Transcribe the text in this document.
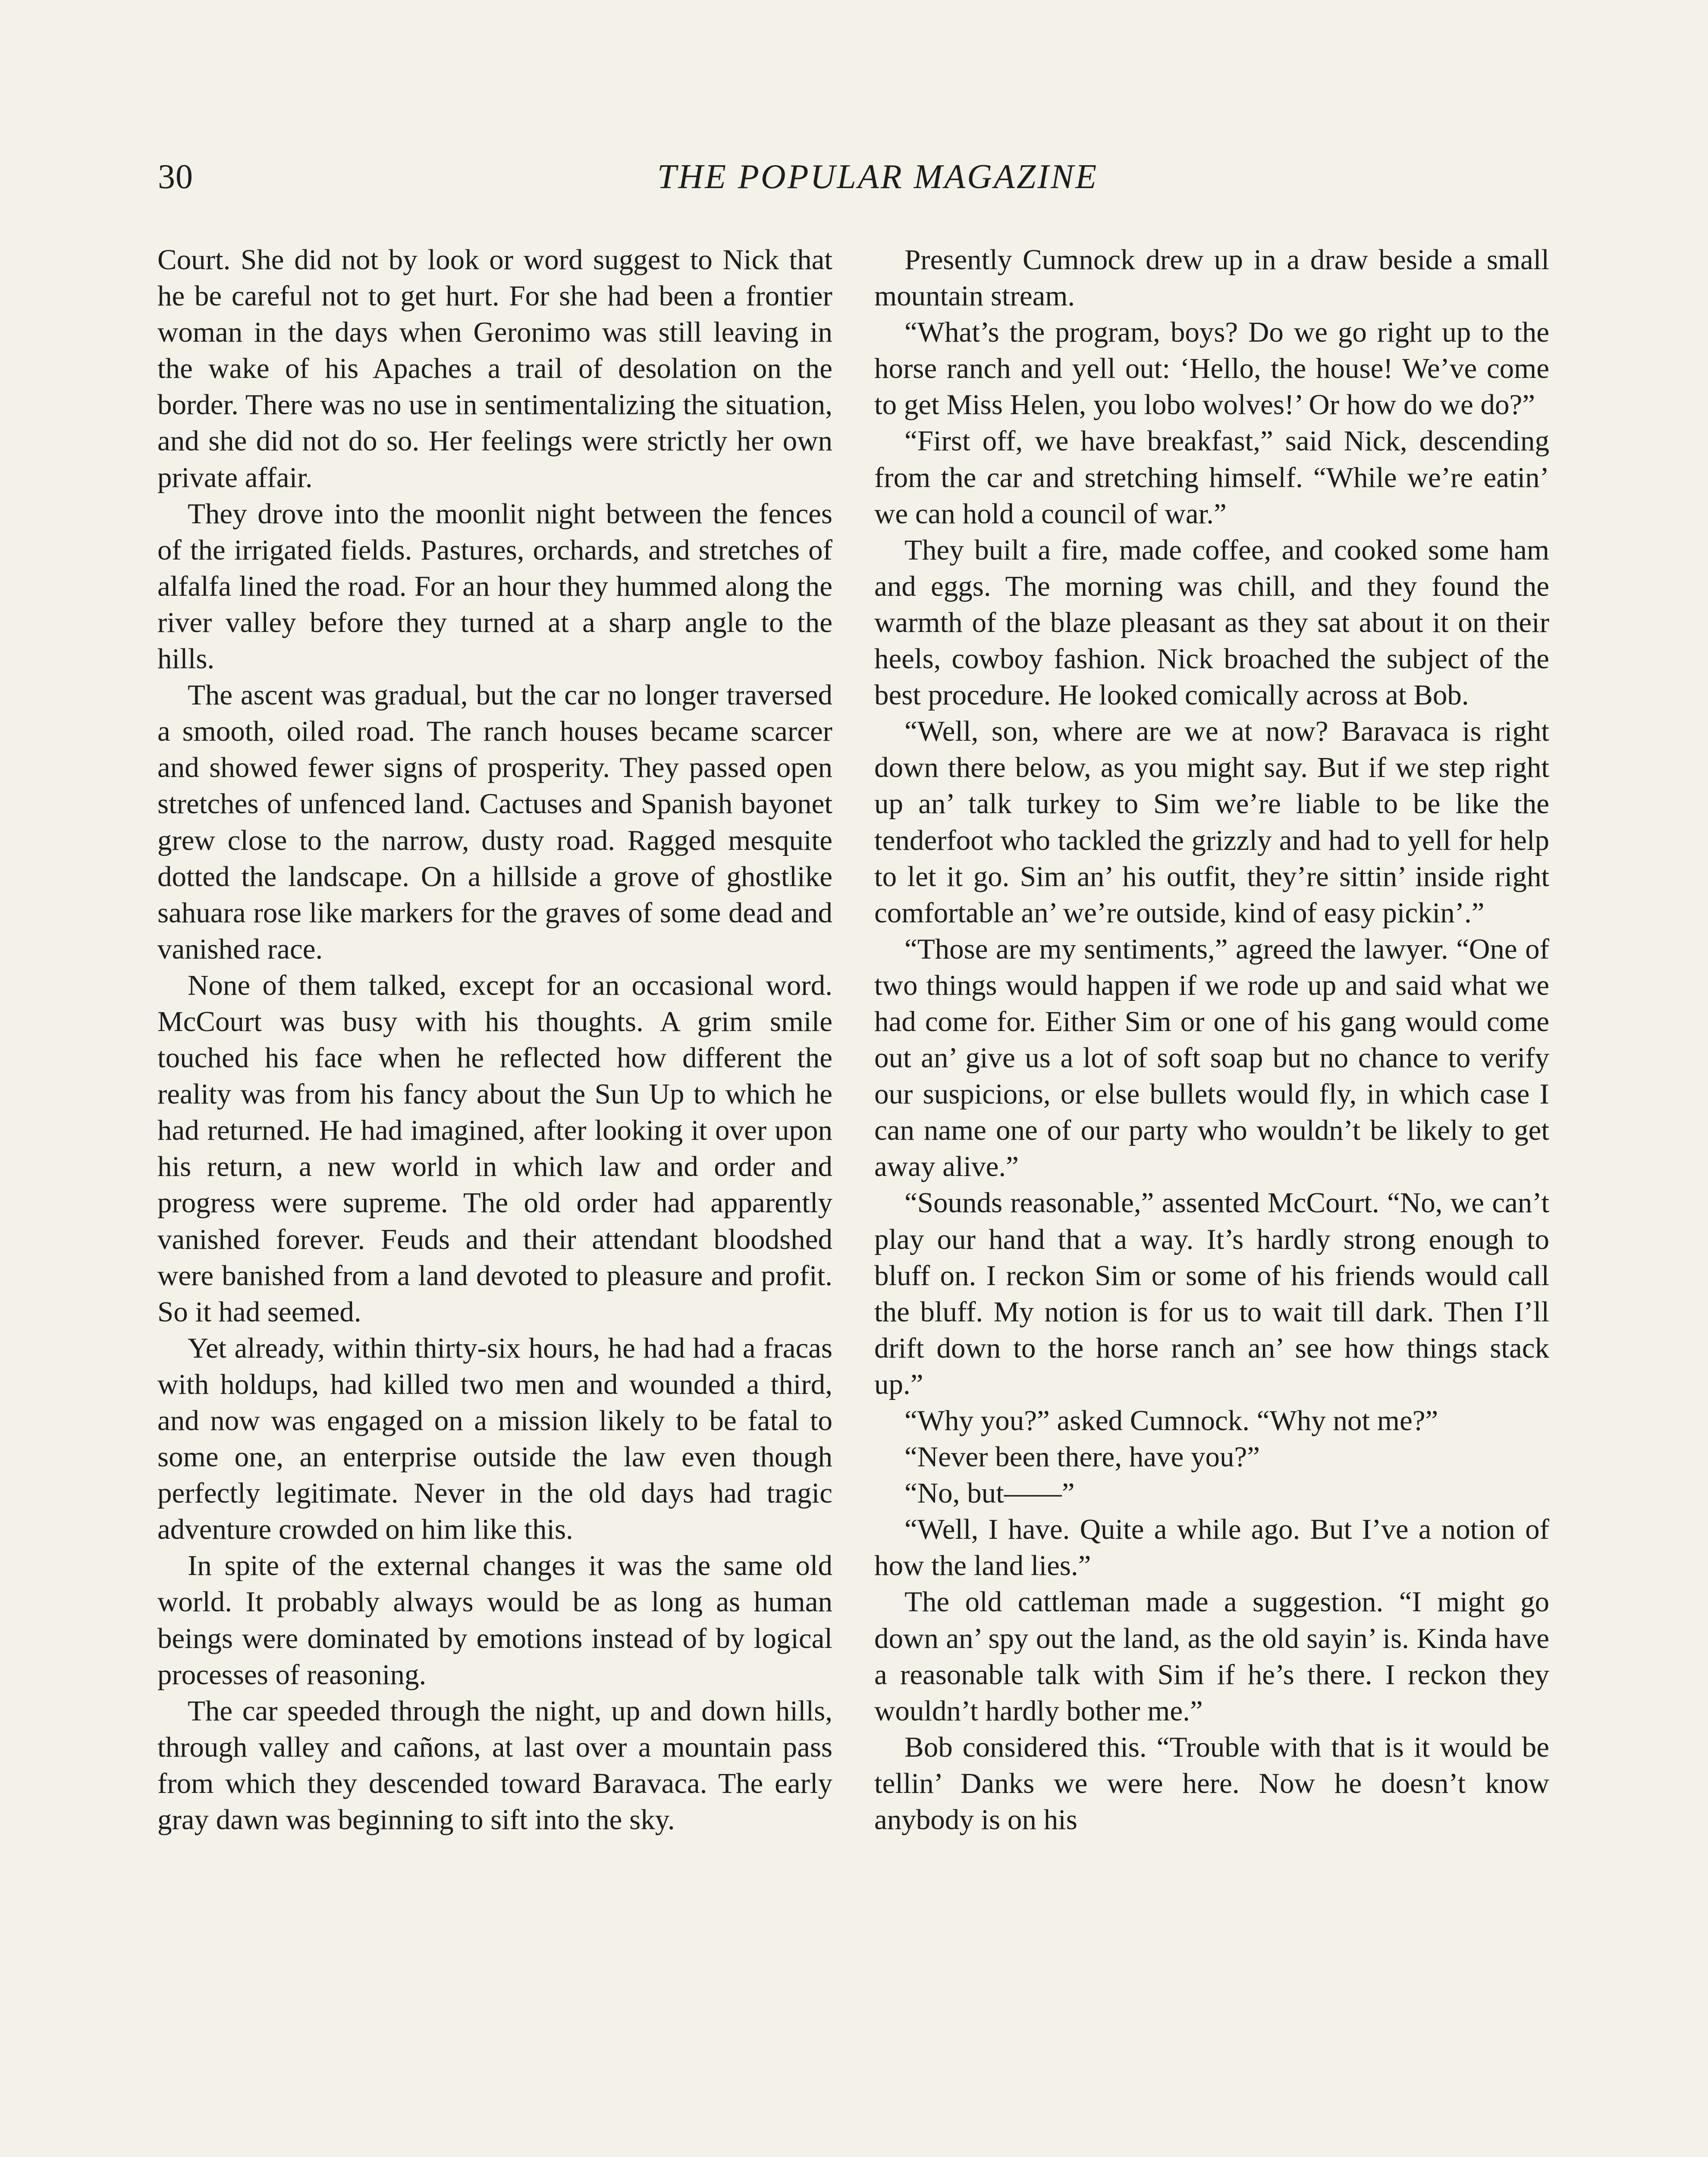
30	THE POPULAR MAGAZINE

Court. She did not by look or word suggest to Nick that he be careful not to get hurt. For she had been a frontier woman in the days when Geronimo was still leaving in the wake of his Apaches a trail of desolation on the border. There was no use in sentimentalizing the situation, and she did not do so. Her feelings were strictly her own private affair.

They drove into the moonlit night between the fences of the irrigated fields. Pastures, orchards, and stretches of alfalfa lined the road. For an hour they hummed along the river valley before they turned at a sharp angle to the hills.

The ascent was gradual, but the car no longer traversed a smooth, oiled road. The ranch houses became scarcer and showed fewer signs of prosperity. They passed open stretches of unfenced land. Cactuses and Spanish bayonet grew close to the narrow, dusty road. Ragged mesquite dotted the landscape. On a hillside a grove of ghostlike sahuara rose like markers for the graves of some dead and vanished race.

None of them talked, except for an occasional word. McCourt was busy with his thoughts. A grim smile touched his face when he reflected how different the reality was from his fancy about the Sun Up to which he had returned. He had imagined, after looking it over upon his return, a new world in which law and order and progress were supreme. The old order had apparently vanished forever. Feuds and their attendant bloodshed were banished from a land devoted to pleasure and profit. So it had seemed.

Yet already, within thirty-six hours, he had had a fracas with holdups, had killed two men and wounded a third, and now was engaged on a mission likely to be fatal to some one, an enterprise outside the law even though perfectly legitimate. Never in the old days had tragic adventure crowded on him like this.

In spite of the external changes it was the same old world. It probably always would be as long as human beings were dominated by emotions instead of by logical processes of reasoning.

The car speeded through the night, up and down hills, through valley and cañons, at last over a mountain pass from which they descended toward Baravaca. The early gray dawn was beginning to sift into the sky.

Presently Cumnock drew up in a draw beside a small mountain stream.

“What’s the program, boys? Do we go right up to the horse ranch and yell out: ‘Hello, the house! We’ve come to get Miss Helen, you lobo wolves!’ Or how do we do?”

“First off, we have breakfast,” said Nick, descending from the car and stretching himself. “While we’re eatin’ we can hold a council of war.”

They built a fire, made coffee, and cooked some ham and eggs. The morning was chill, and they found the warmth of the blaze pleasant as they sat about it on their heels, cowboy fashion. Nick broached the subject of the best procedure. He looked comically across at Bob.

“Well, son, where are we at now? Baravaca is right down there below, as you might say. But if we step right up an’ talk turkey to Sim we’re liable to be like the tenderfoot who tackled the grizzly and had to yell for help to let it go. Sim an’ his outfit, they’re sittin’ inside right comfortable an’ we’re outside, kind of easy pickin’.”

“Those are my sentiments,” agreed the lawyer. “One of two things would happen if we rode up and said what we had come for. Either Sim or one of his gang would come out an’ give us a lot of soft soap but no chance to verify our suspicions, or else bullets would fly, in which case I can name one of our party who wouldn’t be likely to get away alive.”

“Sounds reasonable,” assented McCourt. “No, we can’t play our hand that a way. It’s hardly strong enough to bluff on. I reckon Sim or some of his friends would call the bluff. My notion is for us to wait till dark. Then I’ll drift down to the horse ranch an’ see how things stack up.”

“Why you?” asked Cumnock. “Why not me?”

“Never been there, have you?”

“No, but——”

“Well, I have. Quite a while ago. But I’ve a notion of how the land lies.”

The old cattleman made a suggestion. “I might go down an’ spy out the land, as the old sayin’ is. Kinda have a reasonable talk with Sim if he’s there. I reckon they wouldn’t hardly bother me.”

Bob considered this. “Trouble with that is it would be tellin’ Danks we were here. Now he doesn’t know anybody is on his
